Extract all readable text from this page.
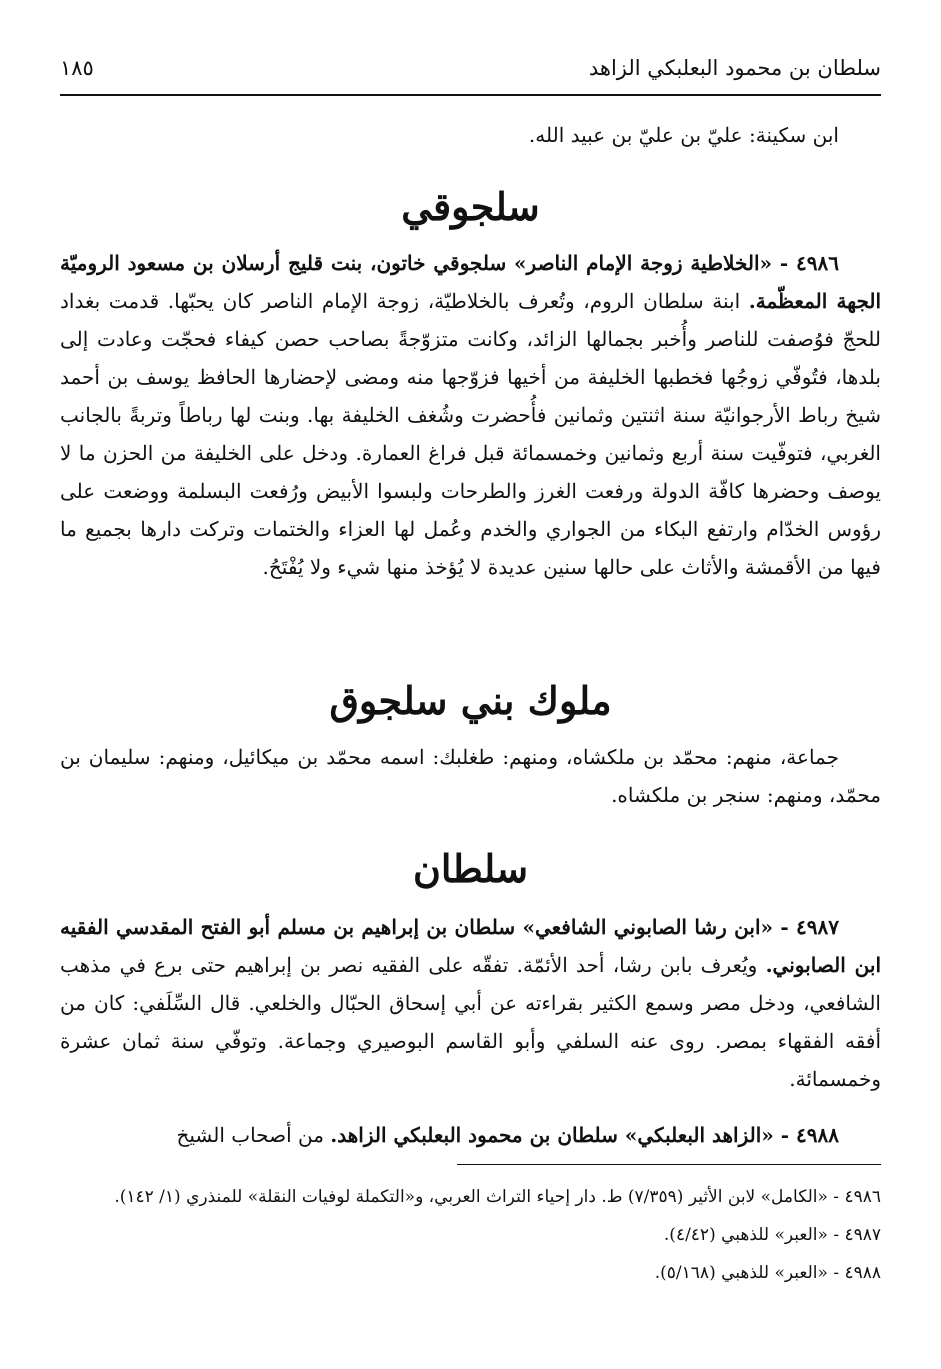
سلطان بن محمود البعلبكي الزاهد
١٨٥

ابن سكينة: عليّ بن عليّ بن عبيد الله.

سلجوقي

٤٩٨٦ - «الخلاطية زوجة الإمام الناصر» سلجوقي خاتون، بنت قليج أرسلان بن مسعود الروميّة الجهة المعظّمة. ابنة سلطان الروم، وتُعرف بالخلاطيّة، زوجة الإمام الناصر كان يحبّها. قدمت بغداد للحجّ فوُصفت للناصر وأُخبر بجمالها الزائد، وكانت متزوّجةً بصاحب حصن كيفاء فحجّت وعادت إلى بلدها، فتُوفّي زوجُها فخطبها الخليفة من أخيها فزوّجها منه ومضى لإحضارها الحافظ يوسف بن أحمد شيخ رباط الأرجوانيّة سنة اثنتين وثمانين فأُحضرت وشُغف الخليفة بها. وبنت لها رباطاً وتربةً بالجانب الغربي، فتوفّيت سنة أربع وثمانين وخمسمائة قبل فراغ العمارة. ودخل على الخليفة من الحزن ما لا يوصف وحضرها كافّة الدولة ورفعت الغرز والطرحات ولبسوا الأبيض ورُفعت البسلمة ووضعت على رؤوس الخدّام وارتفع البكاء من الجواري والخدم وعُمل لها العزاء والختمات وتركت دارها بجميع ما فيها من الأقمشة والأثاث على حالها سنين عديدة لا يُؤخذ منها شيء ولا يُفْتَحُ.

ملوك بني سلجوق

جماعة، منهم: محمّد بن ملكشاه، ومنهم: طغلبك: اسمه محمّد بن ميكائيل، ومنهم: سليمان بن محمّد، ومنهم: سنجر بن ملكشاه.

سلطان

٤٩٨٧ - «ابن رشا الصابوني الشافعي» سلطان بن إبراهيم بن مسلم أبو الفتح المقدسي الفقيه ابن الصابوني. ويُعرف بابن رشا، أحد الأئمّة. تفقّه على الفقيه نصر بن إبراهيم حتى برع في مذهب الشافعي، ودخل مصر وسمع الكثير بقراءته عن أبي إسحاق الحبّال والخلعي. قال السِّلَفي: كان من أفقه الفقهاء بمصر. روى عنه السلفي وأبو القاسم البوصيري وجماعة. وتوفّي سنة ثمان عشرة وخمسمائة.

٤٩٨٨ - «الزاهد البعلبكي» سلطان بن محمود البعلبكي الزاهد. من أصحاب الشيخ

٤٩٨٦ - «الكامل» لابن الأثير (٧/٣٥٩) ط. دار إحياء التراث العربي، و«التكملة لوفيات النقلة» للمنذري (١/ ١٤٢).

٤٩٨٧ - «العبر» للذهبي (٤/٤٢).

٤٩٨٨ - «العبر» للذهبي (٥/١٦٨).
